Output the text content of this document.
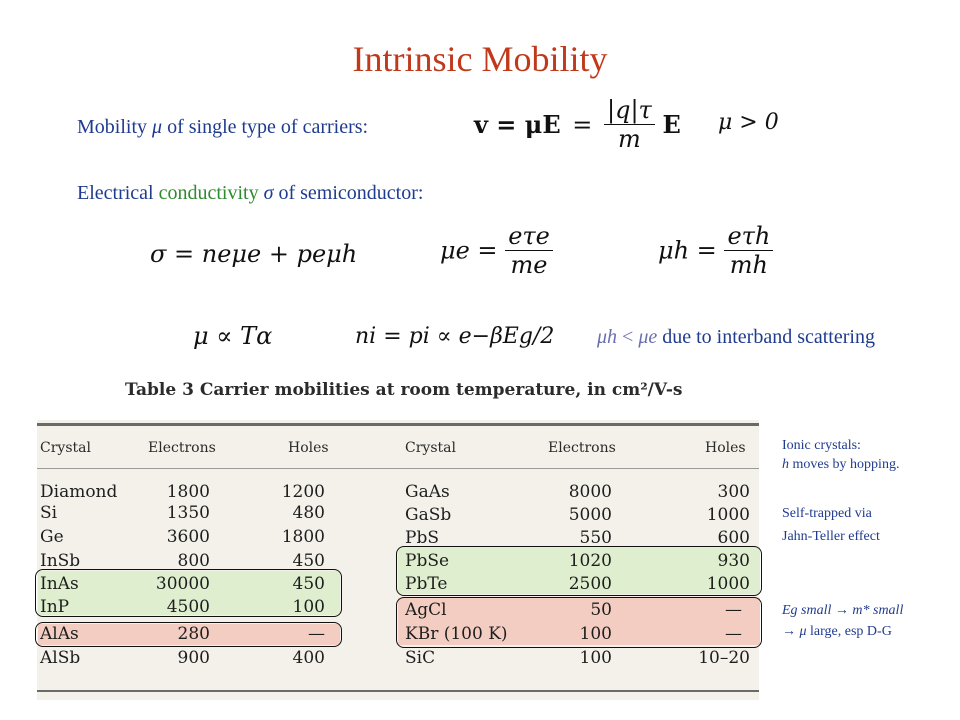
Intrinsic Mobility
Mobility μ of single type of carriers:	$v = \mu E = \frac{|q|\tau}{m}$ E μ > 0
Electrical conductivity σ of semiconductor:
σ = neμe + peμh	$\mu e = \frac{\text{eτe}}{me}$	$\mu h = \frac{\text{eτh}}{mh}$
μ ∝ Tα	ni = pi ∝ e−βEg/2 μh < μe due to interband scattering
Table 3 Carrier mobilities at room temperature, in cm²/V-s
Crystal	Electrons	Holes	Crystal	Electrons	Holes
Diamond	1800	1200
Si	1350	480
Ge	3600	1800
InSb	800	450
InAs	30000	450
InP	4500	100
AlAs	280	—
AlSb	900	400
GaAs	8000	300
GaSb	5000	1000
PbS	550	600
PbSe	1020	930
PbTe	2500	1000
AgCl	50	—
KBr (100 K)	100	—
SiC	100	10–20
Ionic crystals:
h moves by hopping.
Self-trapped via
Jahn-Teller effect
Eg small → m* small
→ μ large, esp D-G
